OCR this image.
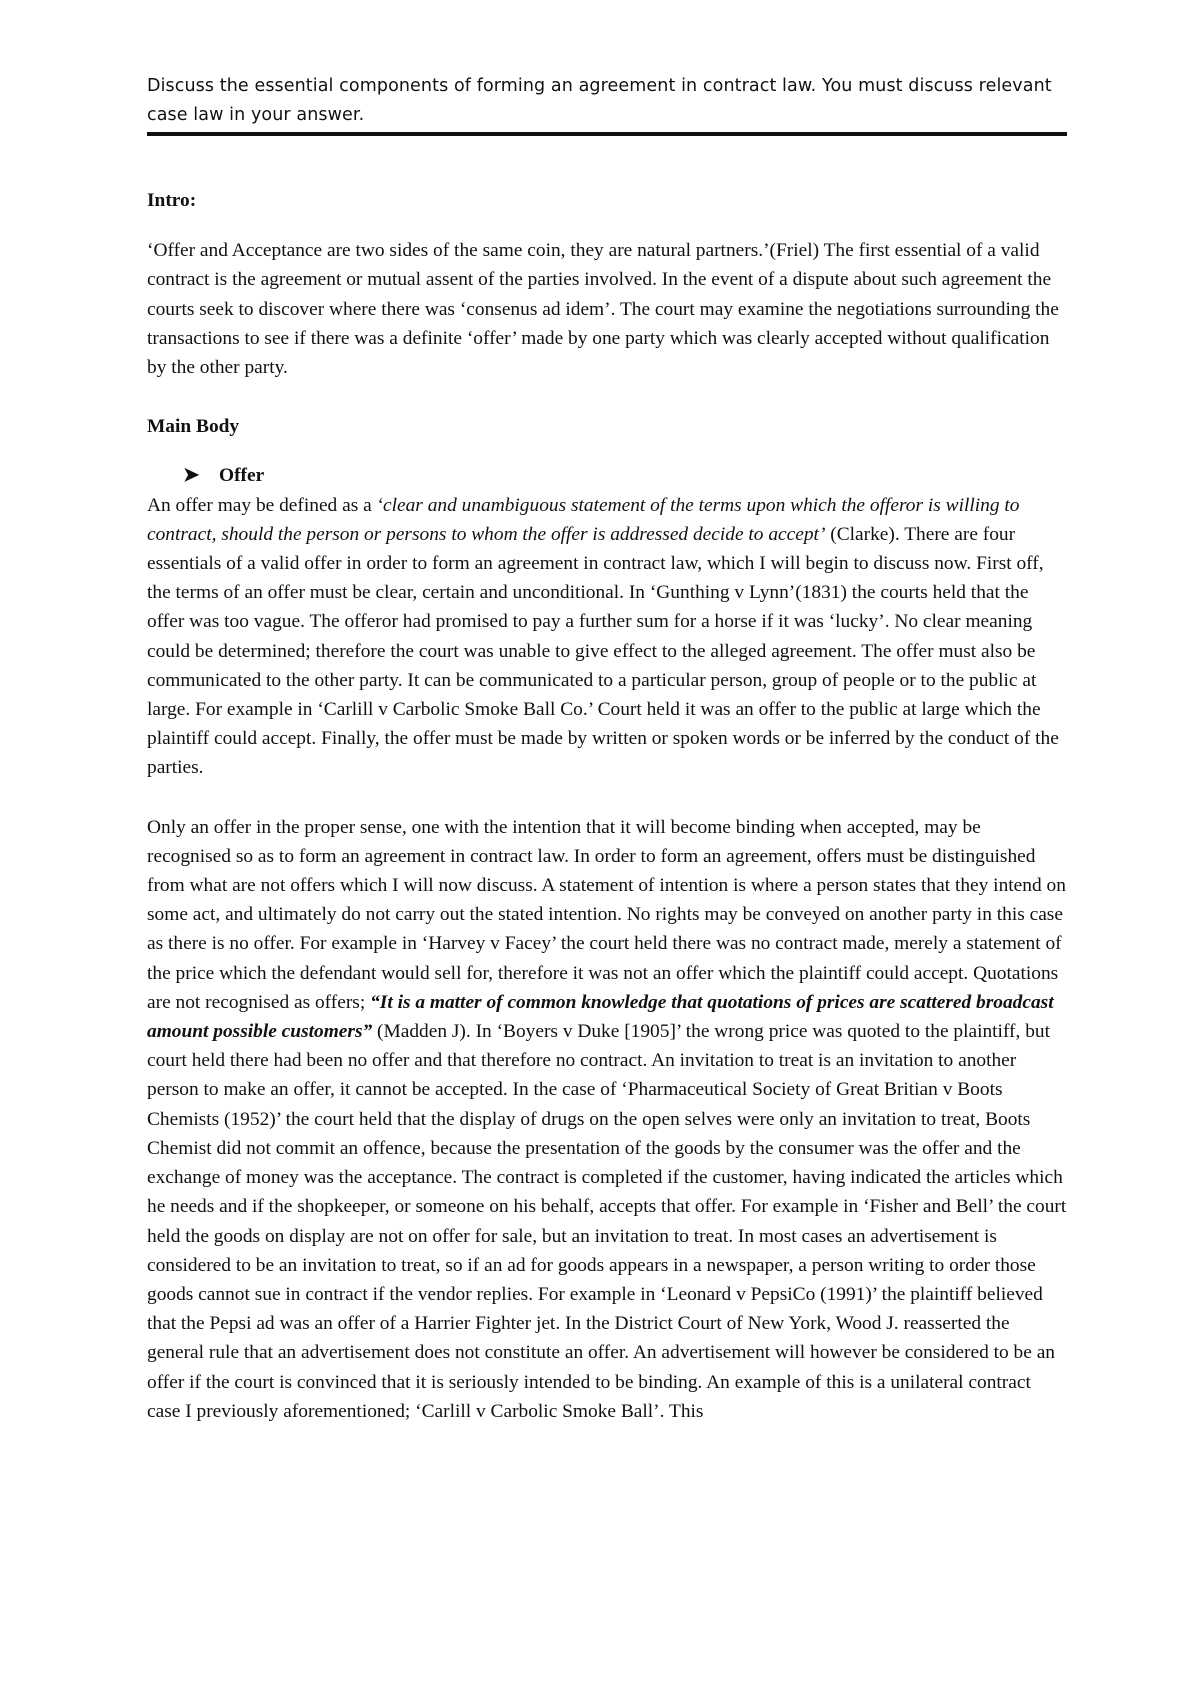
Discuss the essential components of forming an agreement in contract law. You must discuss relevant case law in your answer.

Intro:

‘Offer and Acceptance are two sides of the same coin, they are natural partners.’(Friel) The first essential of a valid contract is the agreement or mutual assent of the parties involved. In the event of a dispute about such agreement the courts seek to discover where there was ‘consenus ad idem’. The court may examine the negotiations surrounding the transactions to see if there was a definite ‘offer’ made by one party which was clearly accepted without qualification by the other party.

Main Body

➤ Offer

An offer may be defined as a ‘clear and unambiguous statement of the terms upon which the offeror is willing to contract, should the person or persons to whom the offer is addressed decide to accept’ (Clarke). There are four essentials of a valid offer in order to form an agreement in contract law, which I will begin to discuss now. First off, the terms of an offer must be clear, certain and unconditional. In ‘Gunthing v Lynn’(1831) the courts held that the offer was too vague. The offeror had promised to pay a further sum for a horse if it was ‘lucky’. No clear meaning could be determined; therefore the court was unable to give effect to the alleged agreement. The offer must also be communicated to the other party. It can be communicated to a particular person, group of people or to the public at large. For example in ‘Carlill v Carbolic Smoke Ball Co.’ Court held it was an offer to the public at large which the plaintiff could accept. Finally, the offer must be made by written or spoken words or be inferred by the conduct of the parties.

Only an offer in the proper sense, one with the intention that it will become binding when accepted, may be recognised so as to form an agreement in contract law. In order to form an agreement, offers must be distinguished from what are not offers which I will now discuss. A statement of intention is where a person states that they intend on some act, and ultimately do not carry out the stated intention. No rights may be conveyed on another party in this case as there is no offer. For example in ‘Harvey v Facey’ the court held there was no contract made, merely a statement of the price which the defendant would sell for, therefore it was not an offer which the plaintiff could accept. Quotations are not recognised as offers; “It is a matter of common knowledge that quotations of prices are scattered broadcast amount possible customers” (Madden J). In ‘Boyers v Duke [1905]’ the wrong price was quoted to the plaintiff, but court held there had been no offer and that therefore no contract. An invitation to treat is an invitation to another person to make an offer, it cannot be accepted. In the case of ‘Pharmaceutical Society of Great Britian v Boots Chemists (1952)’ the court held that the display of drugs on the open selves were only an invitation to treat, Boots Chemist did not commit an offence, because the presentation of the goods by the consumer was the offer and the exchange of money was the acceptance. The contract is completed if the customer, having indicated the articles which he needs and if the shopkeeper, or someone on his behalf, accepts that offer. For example in ‘Fisher and Bell’ the court held the goods on display are not on offer for sale, but an invitation to treat. In most cases an advertisement is considered to be an invitation to treat, so if an ad for goods appears in a newspaper, a person writing to order those goods cannot sue in contract if the vendor replies. For example in ‘Leonard v PepsiCo (1991)’ the plaintiff believed that the Pepsi ad was an offer of a Harrier Fighter jet. In the District Court of New York, Wood J. reasserted the general rule that an advertisement does not constitute an offer. An advertisement will however be considered to be an offer if the court is convinced that it is seriously intended to be binding. An example of this is a unilateral contract case I previously aforementioned; ‘Carlill v Carbolic Smoke Ball’. This
